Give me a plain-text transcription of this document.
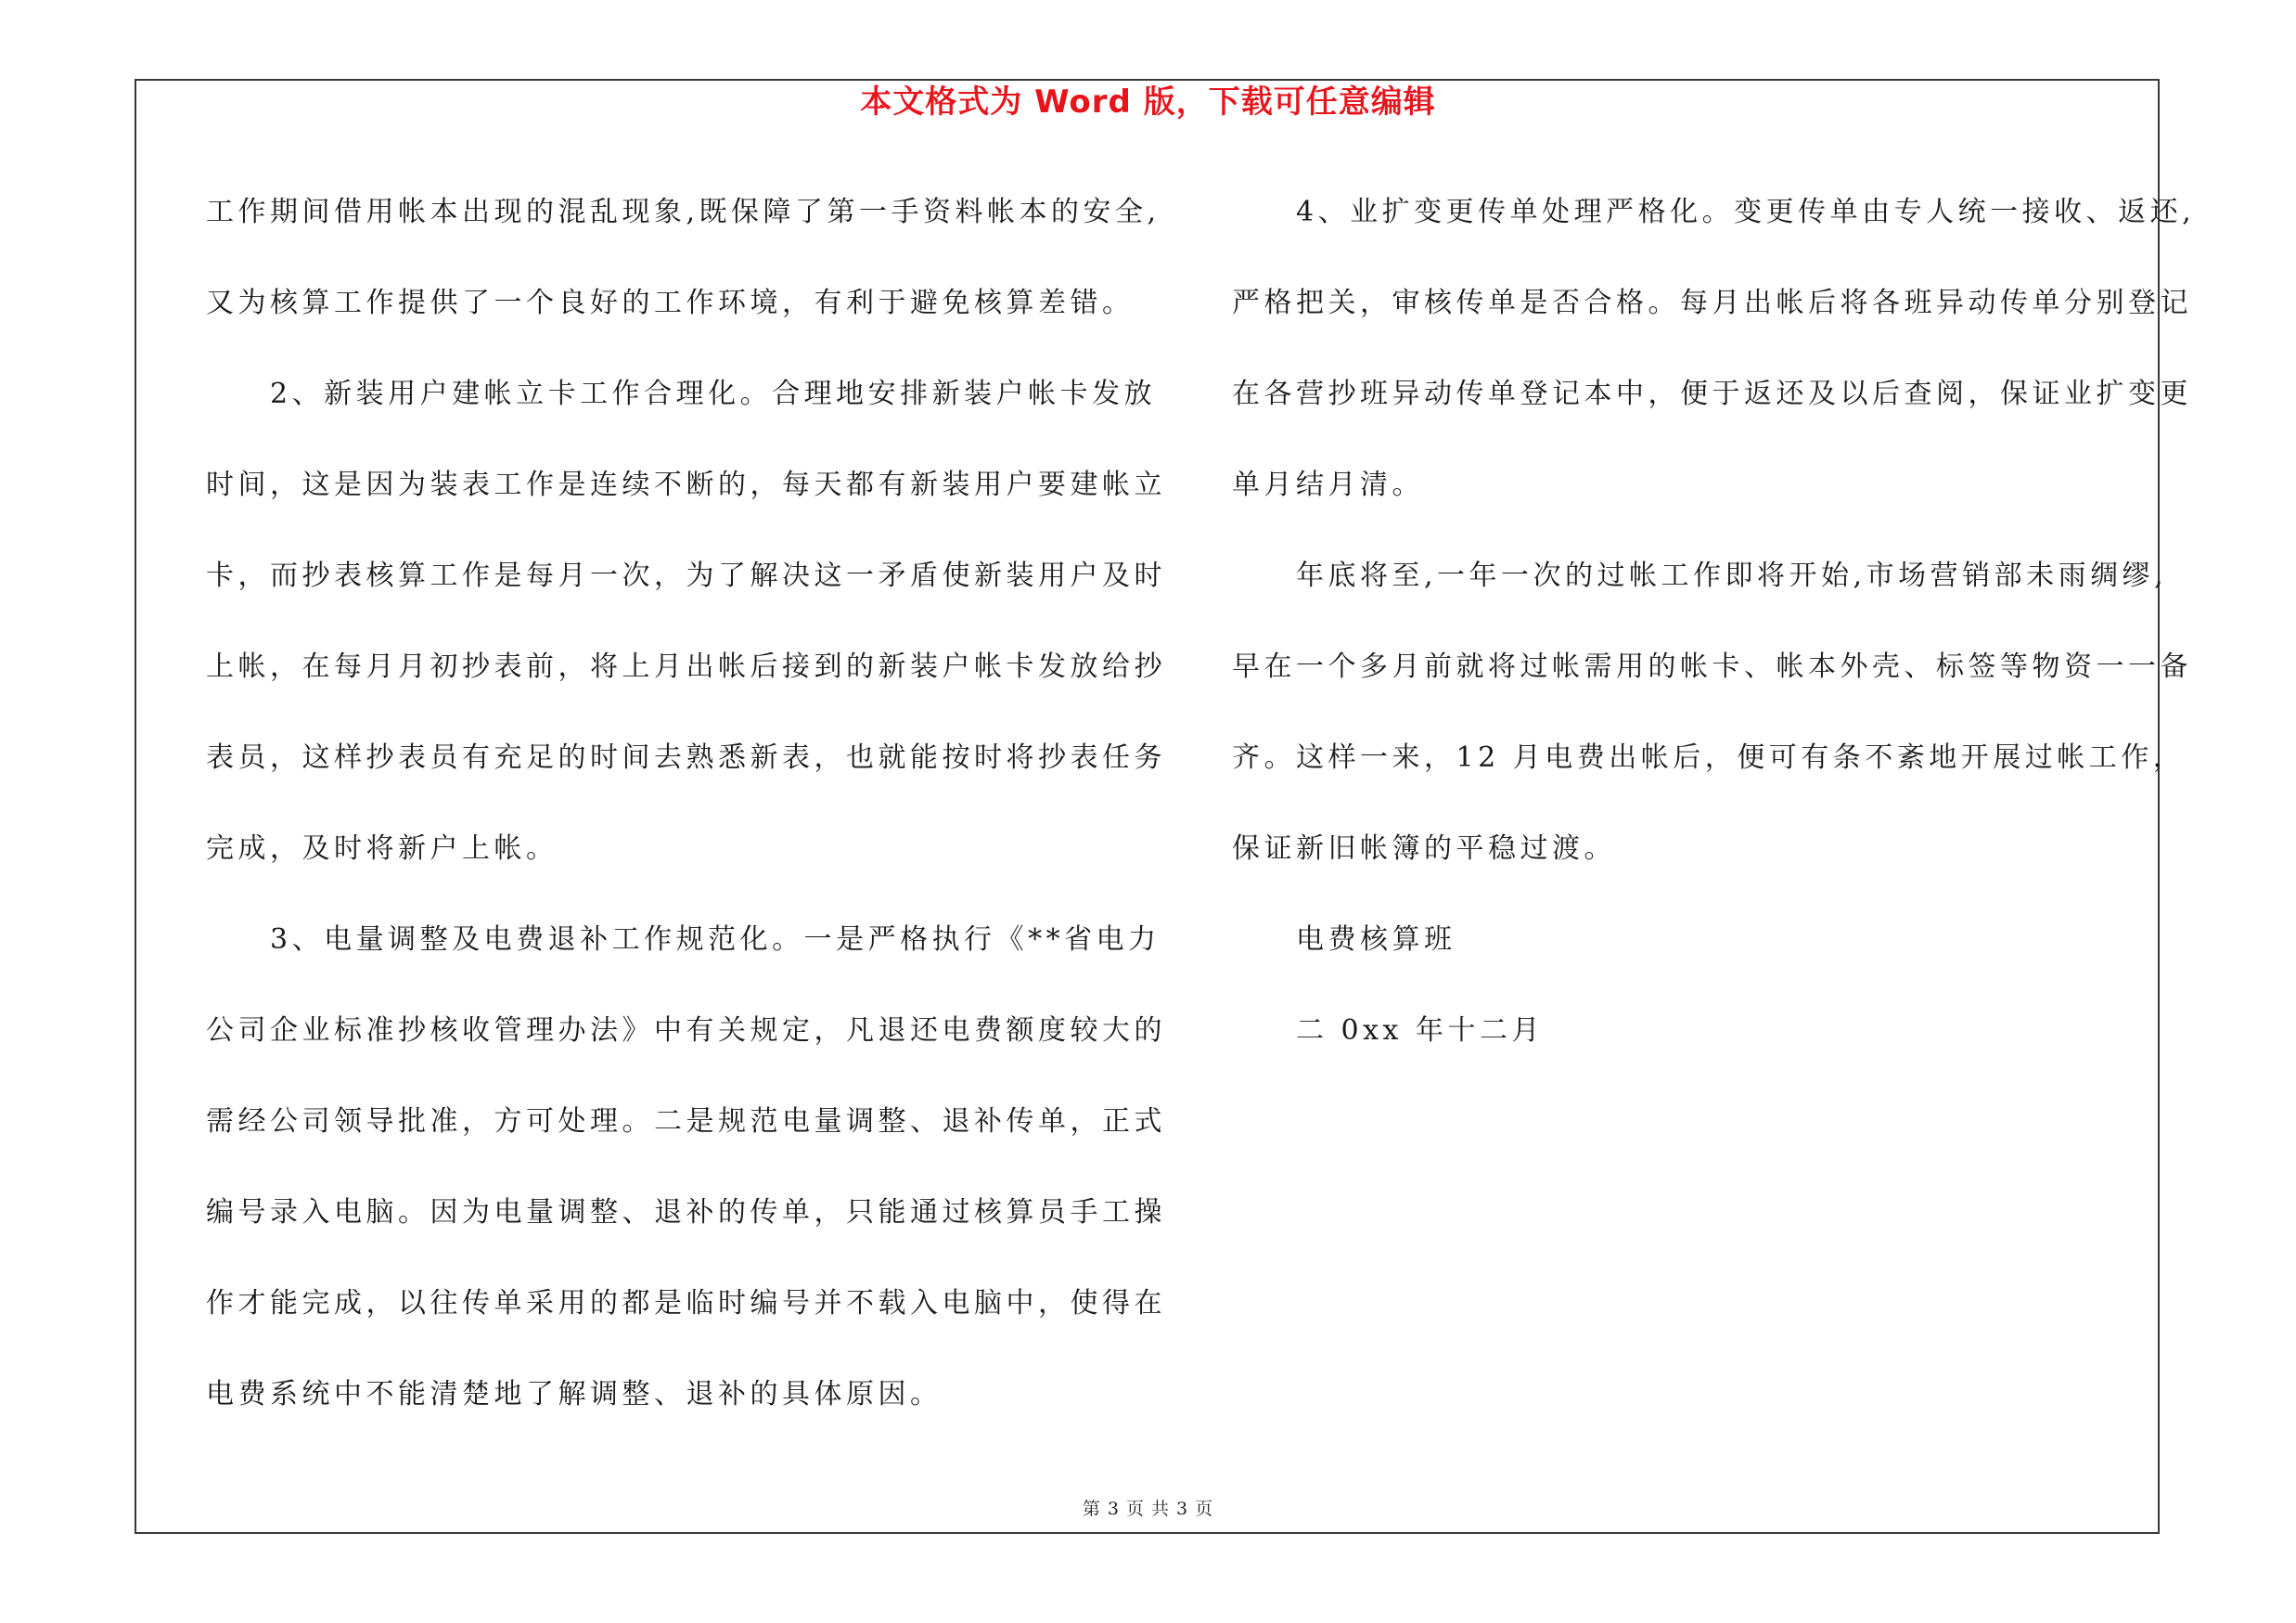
本文格式为 Word 版，下载可任意编辑
工作期间借用帐本出现的混乱现象,既保障了第一手资料帐本的安全,
又为核算工作提供了一个良好的工作环境，有利于避免核算差错。
　　2、新装用户建帐立卡工作合理化。合理地安排新装户帐卡发放
时间，这是因为装表工作是连续不断的，每天都有新装用户要建帐立
卡，而抄表核算工作是每月一次，为了解决这一矛盾使新装用户及时
上帐，在每月月初抄表前，将上月出帐后接到的新装户帐卡发放给抄
表员，这样抄表员有充足的时间去熟悉新表，也就能按时将抄表任务
完成，及时将新户上帐。
　　3、电量调整及电费退补工作规范化。一是严格执行《**省电力
公司企业标准抄核收管理办法》中有关规定，凡退还电费额度较大的
需经公司领导批准，方可处理。二是规范电量调整、退补传单，正式
编号录入电脑。因为电量调整、退补的传单，只能通过核算员手工操
作才能完成，以往传单采用的都是临时编号并不载入电脑中，使得在
电费系统中不能清楚地了解调整、退补的具体原因。
　　4、业扩变更传单处理严格化。变更传单由专人统一接收、返还,
严格把关，审核传单是否合格。每月出帐后将各班异动传单分别登记
在各营抄班异动传单登记本中，便于返还及以后查阅，保证业扩变更
单月结月清。
　　年底将至,一年一次的过帐工作即将开始,市场营销部未雨绸缪,
早在一个多月前就将过帐需用的帐卡、帐本外壳、标签等物资一一备
齐。这样一来，12 月电费出帐后，便可有条不紊地开展过帐工作，
保证新旧帐簿的平稳过渡。
　　电费核算班
　　二 0xx 年十二月
第 3 页 共 3 页
